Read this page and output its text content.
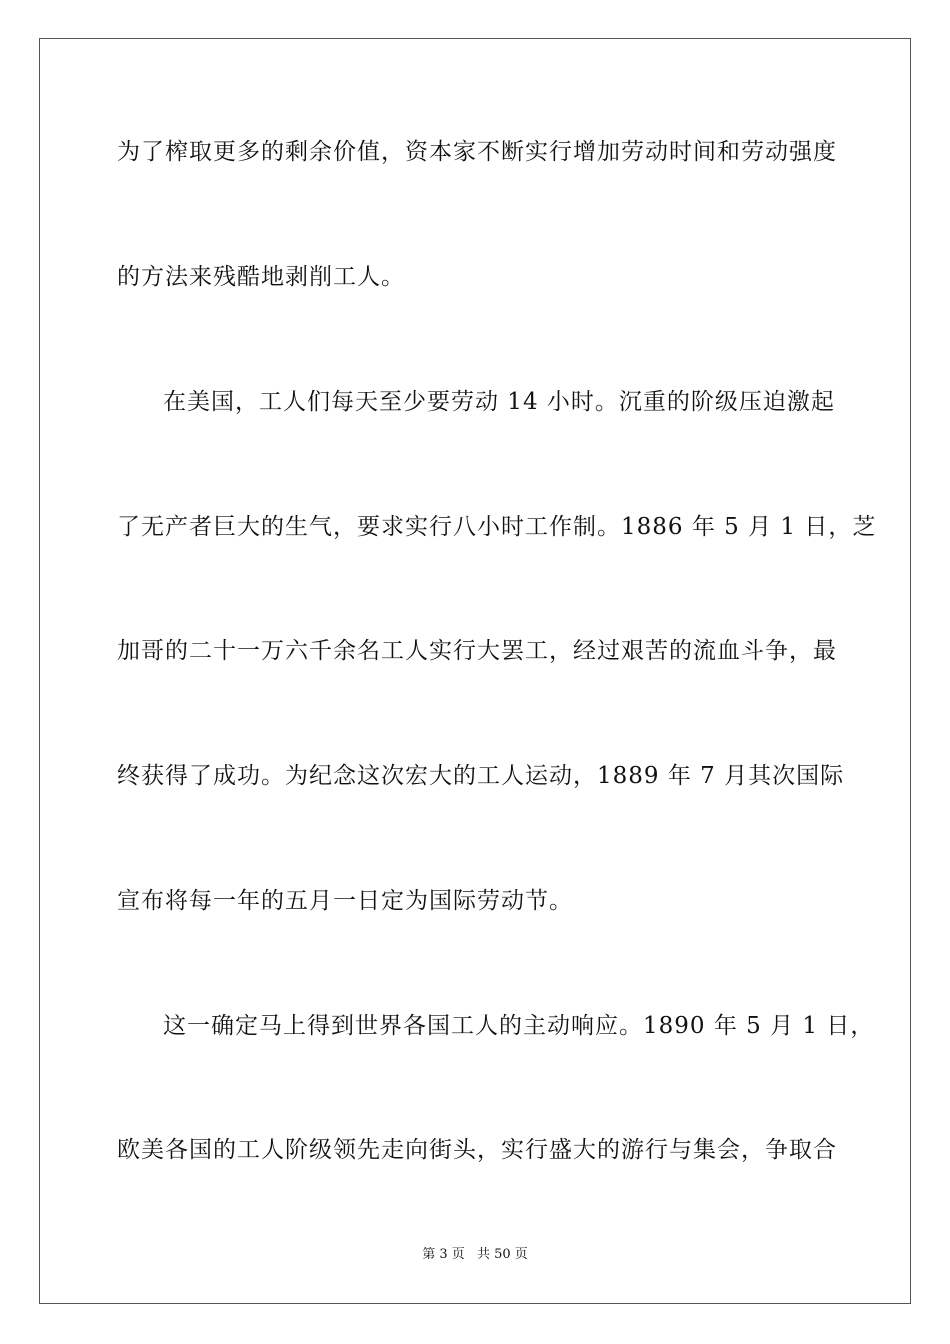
为了榨取更多的剩余价值，资本家不断实行增加劳动时间和劳动强度
的方法来残酷地剥削工人。
在美国，工人们每天至少要劳动 14 小时。沉重的阶级压迫激起
了无产者巨大的生气，要求实行八小时工作制。1886 年 5 月 1 日，芝
加哥的二十一万六千余名工人实行大罢工，经过艰苦的流血斗争，最
终获得了成功。为纪念这次宏大的工人运动，1889 年 7 月其次国际
宣布将每一年的五月一日定为国际劳动节。
这一确定马上得到世界各国工人的主动响应。1890 年 5 月 1 日，
欧美各国的工人阶级领先走向街头，实行盛大的游行与集会，争取合
第 3 页 共 50 页
